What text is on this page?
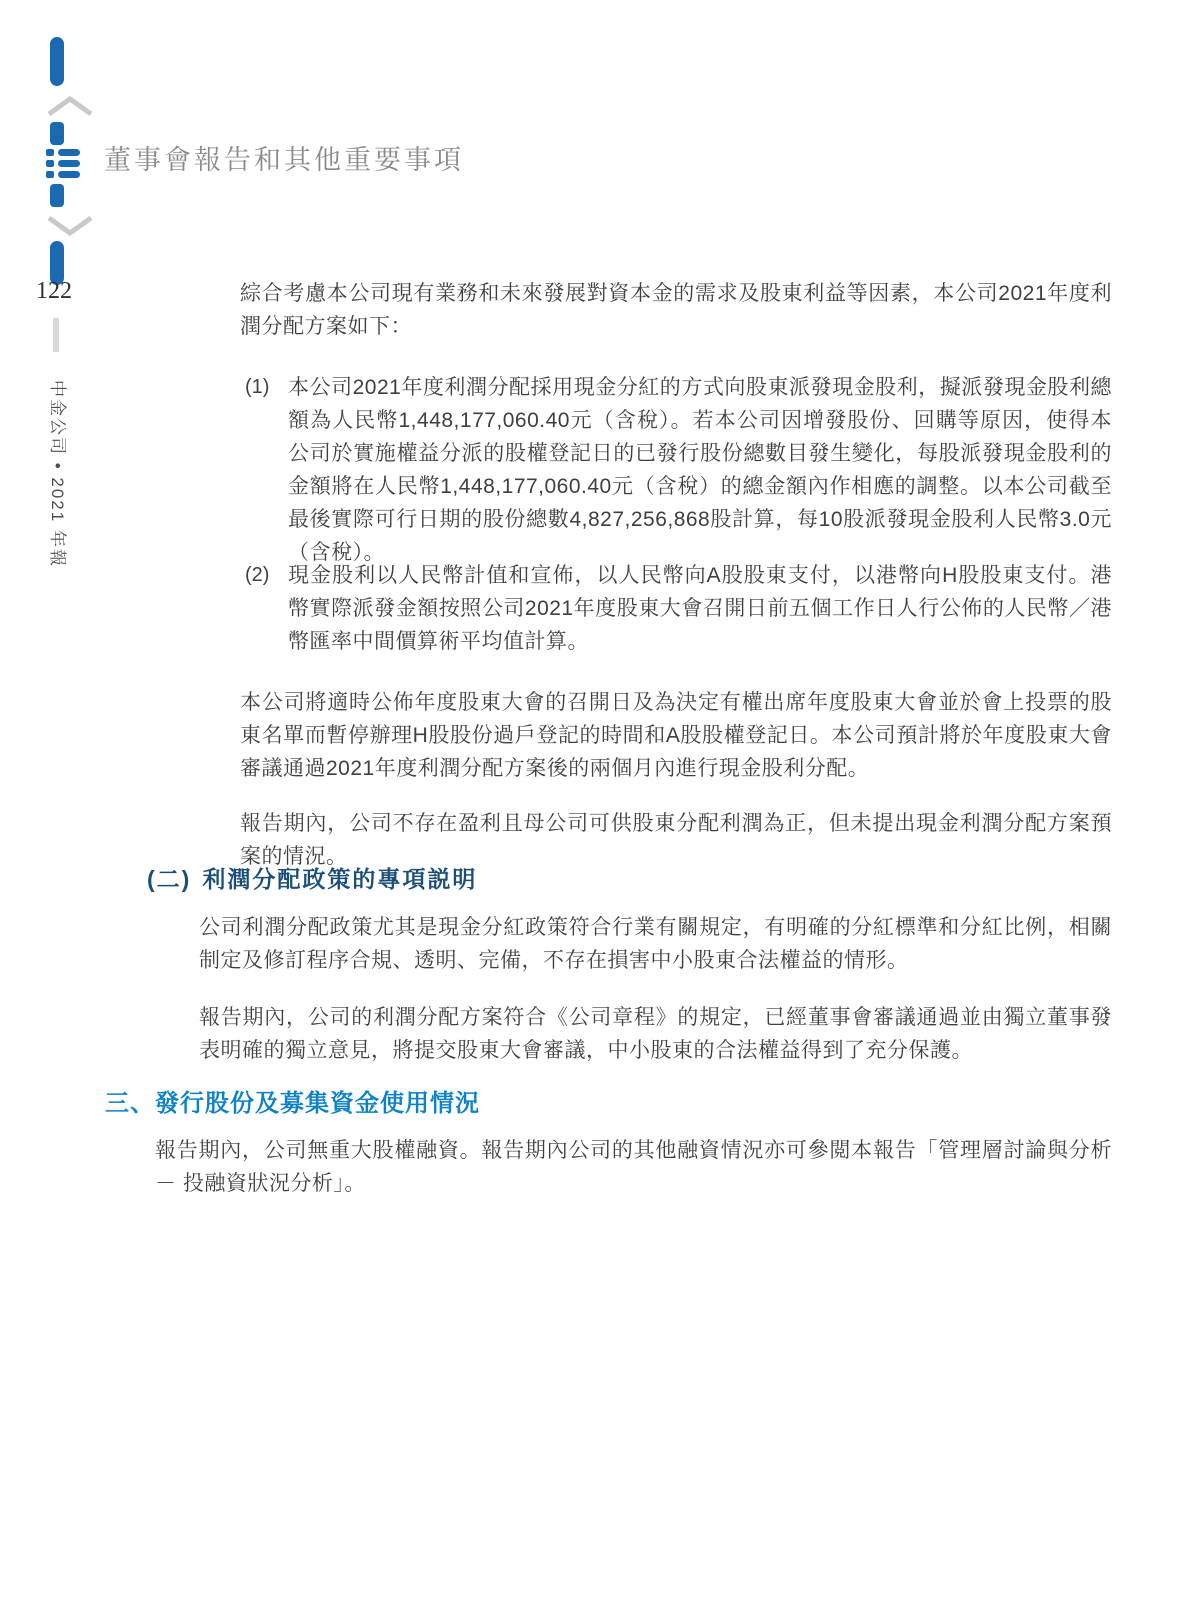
122
中金公司 • 2021 年報
董事會報告和其他重要事項
綜合考慮本公司現有業務和未來發展對資本金的需求及股東利益等因素，本公司2021年度利潤分配方案如下：
(1) 本公司2021年度利潤分配採用現金分紅的方式向股東派發現金股利，擬派發現金股利總額為人民幣1,448,177,060.40元（含稅）。若本公司因增發股份、回購等原因，使得本公司於實施權益分派的股權登記日的已發行股份總數目發生變化，每股派發現金股利的金額將在人民幣1,448,177,060.40元（含稅）的總金額內作相應的調整。以本公司截至最後實際可行日期的股份總數4,827,256,868股計算，每10股派發現金股利人民幣3.0元（含稅）。
(2) 現金股利以人民幣計值和宣佈，以人民幣向A股股東支付，以港幣向H股股東支付。港幣實際派發金額按照公司2021年度股東大會召開日前五個工作日人行公佈的人民幣／港幣匯率中間價算術平均值計算。
本公司將適時公佈年度股東大會的召開日及為決定有權出席年度股東大會並於會上投票的股東名單而暫停辦理H股股份過戶登記的時間和A股股權登記日。本公司預計將於年度股東大會審議通過2021年度利潤分配方案後的兩個月內進行現金股利分配。
報告期內，公司不存在盈利且母公司可供股東分配利潤為正，但未提出現金利潤分配方案預案的情況。
(二) 利潤分配政策的專項説明
公司利潤分配政策尤其是現金分紅政策符合行業有關規定，有明確的分紅標準和分紅比例，相關制定及修訂程序合規、透明、完備，不存在損害中小股東合法權益的情形。
報告期內，公司的利潤分配方案符合《公司章程》的規定，已經董事會審議通過並由獨立董事發表明確的獨立意見，將提交股東大會審議，中小股東的合法權益得到了充分保護。
三、發行股份及募集資金使用情況
報告期內，公司無重大股權融資。報告期內公司的其他融資情況亦可參閲本報告「管理層討論與分析 － 投融資狀況分析」。
